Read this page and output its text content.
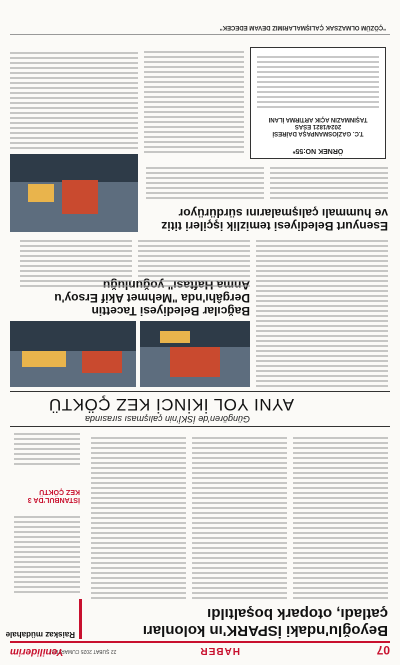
07
HABER
22 ŞUBAT 2025 CUMARTESİ
Yeniliderim
Beyoğlu'ndaki İSPARK'ın kolonları çatladı, otopark boşaltıldı
Raiskaz müdahale
İSTANBUL'DA 3 KEZ ÇÖKTÜ
Güngören'de İSKİ'nin çalışması sırasında
AYNI YOL İKİNCİ KEZ ÇÖKTÜ
Bağcılar Belediyesi Tacettin Dergâhı'nda "Mehmet Akif Ersoy'u yoğunluğu
Esenyurt Belediyesi temizlik işçileri titiz ve hummalı çalışmalarını sürdürüyor
ÖRNEK NO:55*
T.C. GAZİOSMANPAŞA DAİRESİ
2024/1821 ESAS
TAŞINMAZIN AÇIK ARTIRMA İLANI
"ÇÖZÜM OLMAZSAK ÇALIŞMALARIMIZ DEVAM EDECEK"
